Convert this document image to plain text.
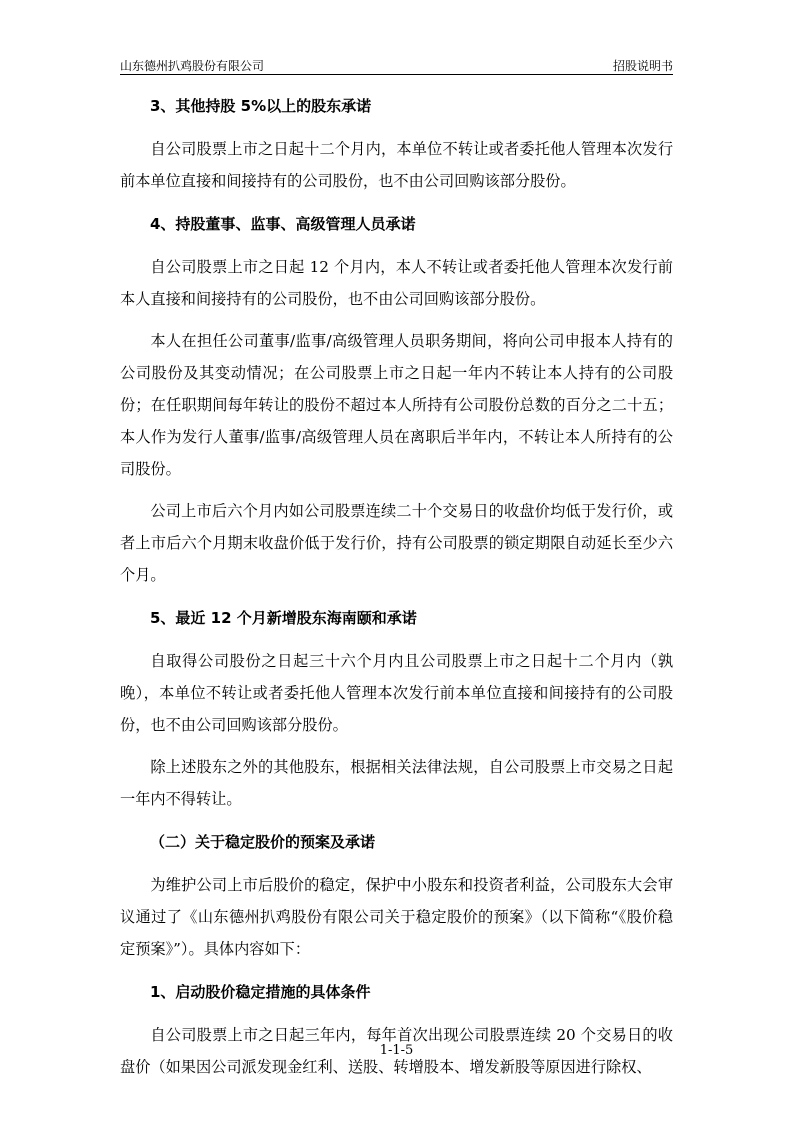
山东德州扒鸡股份有限公司	招股说明书
3、其他持股 5%以上的股东承诺

自公司股票上市之日起十二个月内，本单位不转让或者委托他人管理本次发行前本单位直接和间接持有的公司股份，也不由公司回购该部分股份。

4、持股董事、监事、高级管理人员承诺

自公司股票上市之日起 12 个月内，本人不转让或者委托他人管理本次发行前本人直接和间接持有的公司股份，也不由公司回购该部分股份。

本人在担任公司董事/监事/高级管理人员职务期间，将向公司申报本人持有的公司股份及其变动情况；在公司股票上市之日起一年内不转让本人持有的公司股份；在任职期间每年转让的股份不超过本人所持有公司股份总数的百分之二十五；本人作为发行人董事/监事/高级管理人员在离职后半年内，不转让本人所持有的公司股份。

公司上市后六个月内如公司股票连续二十个交易日的收盘价均低于发行价，或者上市后六个月期末收盘价低于发行价，持有公司股票的锁定期限自动延长至少六个月。

5、最近 12 个月新增股东海南颐和承诺

自取得公司股份之日起三十六个月内且公司股票上市之日起十二个月内（孰晚），本单位不转让或者委托他人管理本次发行前本单位直接和间接持有的公司股份，也不由公司回购该部分股份。

除上述股东之外的其他股东，根据相关法律法规，自公司股票上市交易之日起一年内不得转让。

（二）关于稳定股价的预案及承诺

为维护公司上市后股价的稳定，保护中小股东和投资者利益，公司股东大会审议通过了《山东德州扒鸡股份有限公司关于稳定股价的预案》（以下简称“《股价稳定预案》”）。具体内容如下：

1、启动股价稳定措施的具体条件

自公司股票上市之日起三年内，每年首次出现公司股票连续 20 个交易日的收盘价（如果因公司派发现金红利、送股、转增股本、增发新股等原因进行除权、

1-1-5
